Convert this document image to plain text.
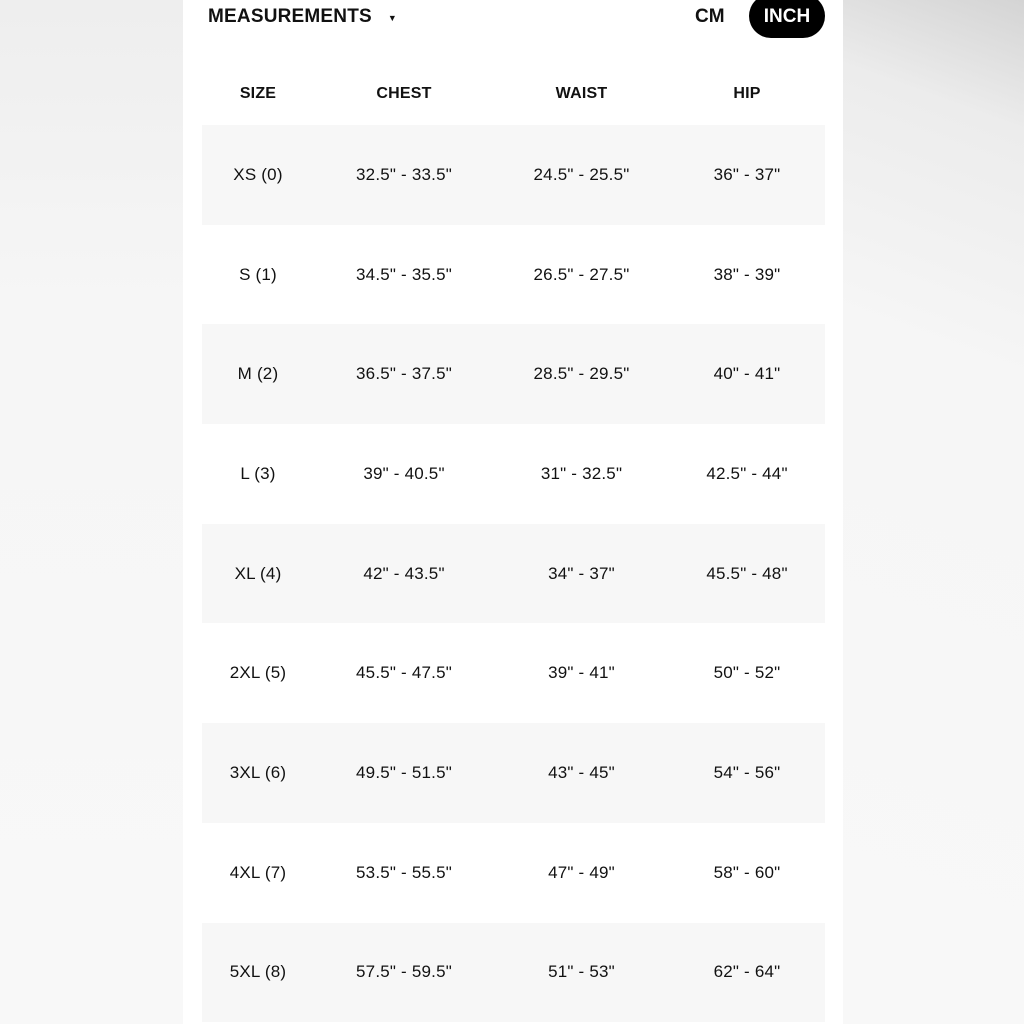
MEASUREMENTS ▼	CM	INCH
SIZE	CHEST	WAIST	HIP
XS (0)	32.5" - 33.5"	24.5" - 25.5"	36" - 37"
S (1)	34.5" - 35.5"	26.5" - 27.5"	38" - 39"
M (2)	36.5" - 37.5"	28.5" - 29.5"	40" - 41"
L (3)	39" - 40.5"	31" - 32.5"	42.5" - 44"
XL (4)	42" - 43.5"	34" - 37"	45.5" - 48"
2XL (5)	45.5" - 47.5"	39" - 41"	50" - 52"
3XL (6)	49.5" - 51.5"	43" - 45"	54" - 56"
4XL (7)	53.5" - 55.5"	47" - 49"	58" - 60"
5XL (8)	57.5" - 59.5"	51" - 53"	62" - 64"
